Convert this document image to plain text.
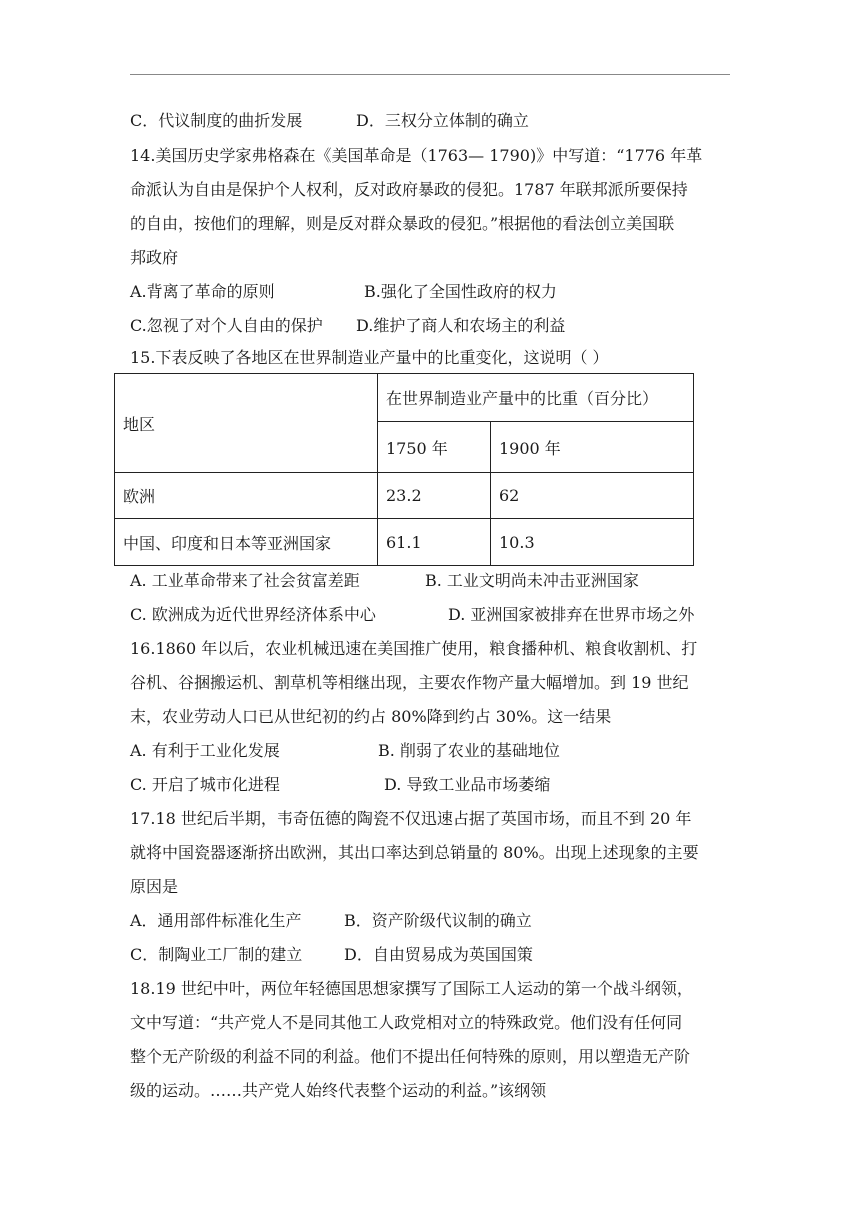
C．代议制度的曲折发展	D．三权分立体制的确立
14.美国历史学家弗格森在《美国革命是（1763— 1790)》中写道：“1776 年革
命派认为自由是保护个人权利，反对政府暴政的侵犯。1787 年联邦派所要保持
的自由，按他们的理解，则是反对群众暴政的侵犯。”根据他的看法创立美国联
邦政府
A.背离了革命的原则	B.强化了全国性政府的权力
C.忽视了对个人自由的保护 D.维护了商人和农场主的利益
15.下表反映了各地区在世界制造业产量中的比重变化，这说明（ ）
地区	在世界制造业产量中的比重（百分比）	
	1750 年	1900 年
欧洲	23.2	62
中国、印度和日本等亚洲国家	61.1	10.3
A. 工业革命带来了社会贫富差距	B. 工业文明尚未冲击亚洲国家
C. 欧洲成为近代世界经济体系中心	D. 亚洲国家被排弃在世界市场之外
16.1860 年以后，农业机械迅速在美国推广使用，粮食播种机、粮食收割机、打
谷机、谷捆搬运机、割草机等相继出现，主要农作物产量大幅增加。到 19 世纪
末，农业劳动人口已从世纪初的约占 80%降到约占 30%。这一结果
A. 有利于工业化发展	B. 削弱了农业的基础地位
C. 开启了城市化进程	D. 导致工业品市场萎缩
17.18 世纪后半期，韦奇伍德的陶瓷不仅迅速占据了英国市场，而且不到 20 年
就将中国瓷器逐渐挤出欧洲，其出口率达到总销量的 80%。出现上述现象的主要
原因是
A．通用部件标准化生产	B．资产阶级代议制的确立
C．制陶业工厂制的建立	D．自由贸易成为英国国策
18.19 世纪中叶，两位年轻德国思想家撰写了国际工人运动的第一个战斗纲领，
文中写道：“共产党人不是同其他工人政党相对立的特殊政党。他们没有任何同
整个无产阶级的利益不同的利益。他们不提出任何特殊的原则，用以塑造无产阶
级的运动。……共产党人始终代表整个运动的利益。”该纲领
